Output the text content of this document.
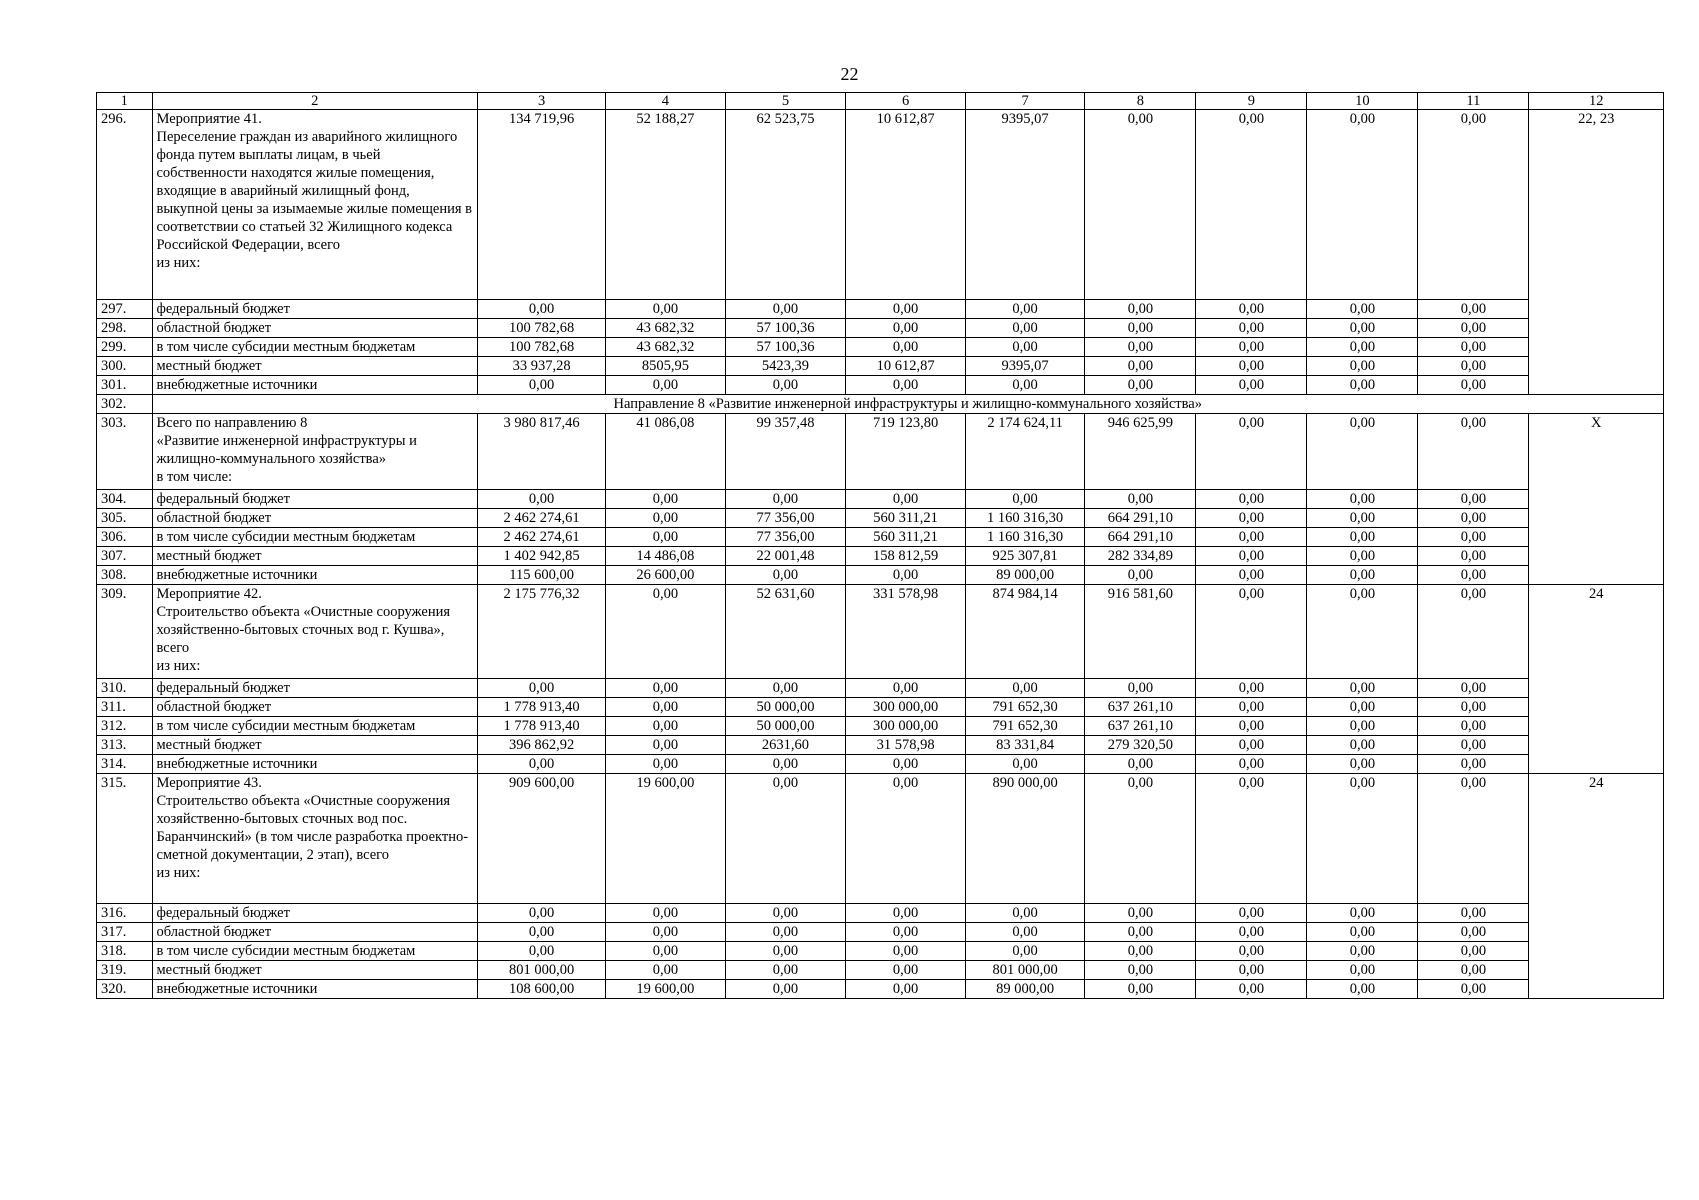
22
1	2	3	4	5	6	7	8	9	10	11	12
296.	Мероприятие 41.
Переселение граждан из аварийного жилищного фонда путем выплаты лицам, в чьей собственности находятся жилые помещения, входящие в аварийный жилищный фонд, выкупной цены за изымаемые жилые помещения в соответствии со статьей 32 Жилищного кодекса Российской Федерации, всего
из них:	134 719,96	52 188,27	62 523,75	10 612,87	9395,07	0,00	0,00	0,00	0,00	22, 23
297.	федеральный бюджет	0,00	0,00	0,00	0,00	0,00	0,00	0,00	0,00	0,00	
298.	областной бюджет	100 782,68	43 682,32	57 100,36	0,00	0,00	0,00	0,00	0,00	0,00	
299.	в том числе субсидии местным бюджетам	100 782,68	43 682,32	57 100,36	0,00	0,00	0,00	0,00	0,00	0,00	
300.	местный бюджет	33 937,28	8505,95	5423,39	10 612,87	9395,07	0,00	0,00	0,00	0,00	
301.	внебюджетные источники	0,00	0,00	0,00	0,00	0,00	0,00	0,00	0,00	0,00	
302.	Направление 8 «Развитие инженерной инфраструктуры и жилищно-коммунального хозяйства»										
303.	Всего по направлению 8
«Развитие инженерной инфраструктуры и жилищно-коммунального хозяйства»
в том числе:	3 980 817,46	41 086,08	99 357,48	719 123,80	2 174 624,11	946 625,99	0,00	0,00	0,00	X
304.	федеральный бюджет	0,00	0,00	0,00	0,00	0,00	0,00	0,00	0,00	0,00	
305.	областной бюджет	2 462 274,61	0,00	77 356,00	560 311,21	1 160 316,30	664 291,10	0,00	0,00	0,00	
306.	в том числе субсидии местным бюджетам	2 462 274,61	0,00	77 356,00	560 311,21	1 160 316,30	664 291,10	0,00	0,00	0,00	
307.	местный бюджет	1 402 942,85	14 486,08	22 001,48	158 812,59	925 307,81	282 334,89	0,00	0,00	0,00	
308.	внебюджетные источники	115 600,00	26 600,00	0,00	0,00	89 000,00	0,00	0,00	0,00	0,00	
309.	Мероприятие 42.
Строительство объекта «Очистные сооружения хозяйственно-бытовых сточных вод г. Кушва», всего
из них:	2 175 776,32	0,00	52 631,60	331 578,98	874 984,14	916 581,60	0,00	0,00	0,00	24
310.	федеральный бюджет	0,00	0,00	0,00	0,00	0,00	0,00	0,00	0,00	0,00	
311.	областной бюджет	1 778 913,40	0,00	50 000,00	300 000,00	791 652,30	637 261,10	0,00	0,00	0,00	
312.	в том числе субсидии местным бюджетам	1 778 913,40	0,00	50 000,00	300 000,00	791 652,30	637 261,10	0,00	0,00	0,00	
313.	местный бюджет	396 862,92	0,00	2631,60	31 578,98	83 331,84	279 320,50	0,00	0,00	0,00	
314.	внебюджетные источники	0,00	0,00	0,00	0,00	0,00	0,00	0,00	0,00	0,00	
315.	Мероприятие 43.
Строительство объекта «Очистные сооружения хозяйственно-бытовых сточных вод пос. Баранчинский» (в том числе разработка проектно-сметной документации, 2 этап), всего
из них:	909 600,00	19 600,00	0,00	0,00	890 000,00	0,00	0,00	0,00	0,00	24
316.	федеральный бюджет	0,00	0,00	0,00	0,00	0,00	0,00	0,00	0,00	0,00	
317.	областной бюджет	0,00	0,00	0,00	0,00	0,00	0,00	0,00	0,00	0,00	
318.	в том числе субсидии местным бюджетам	0,00	0,00	0,00	0,00	0,00	0,00	0,00	0,00	0,00	
319.	местный бюджет	801 000,00	0,00	0,00	0,00	801 000,00	0,00	0,00	0,00	0,00	
320.	внебюджетные источники	108 600,00	19 600,00	0,00	0,00	89 000,00	0,00	0,00	0,00	0,00	
